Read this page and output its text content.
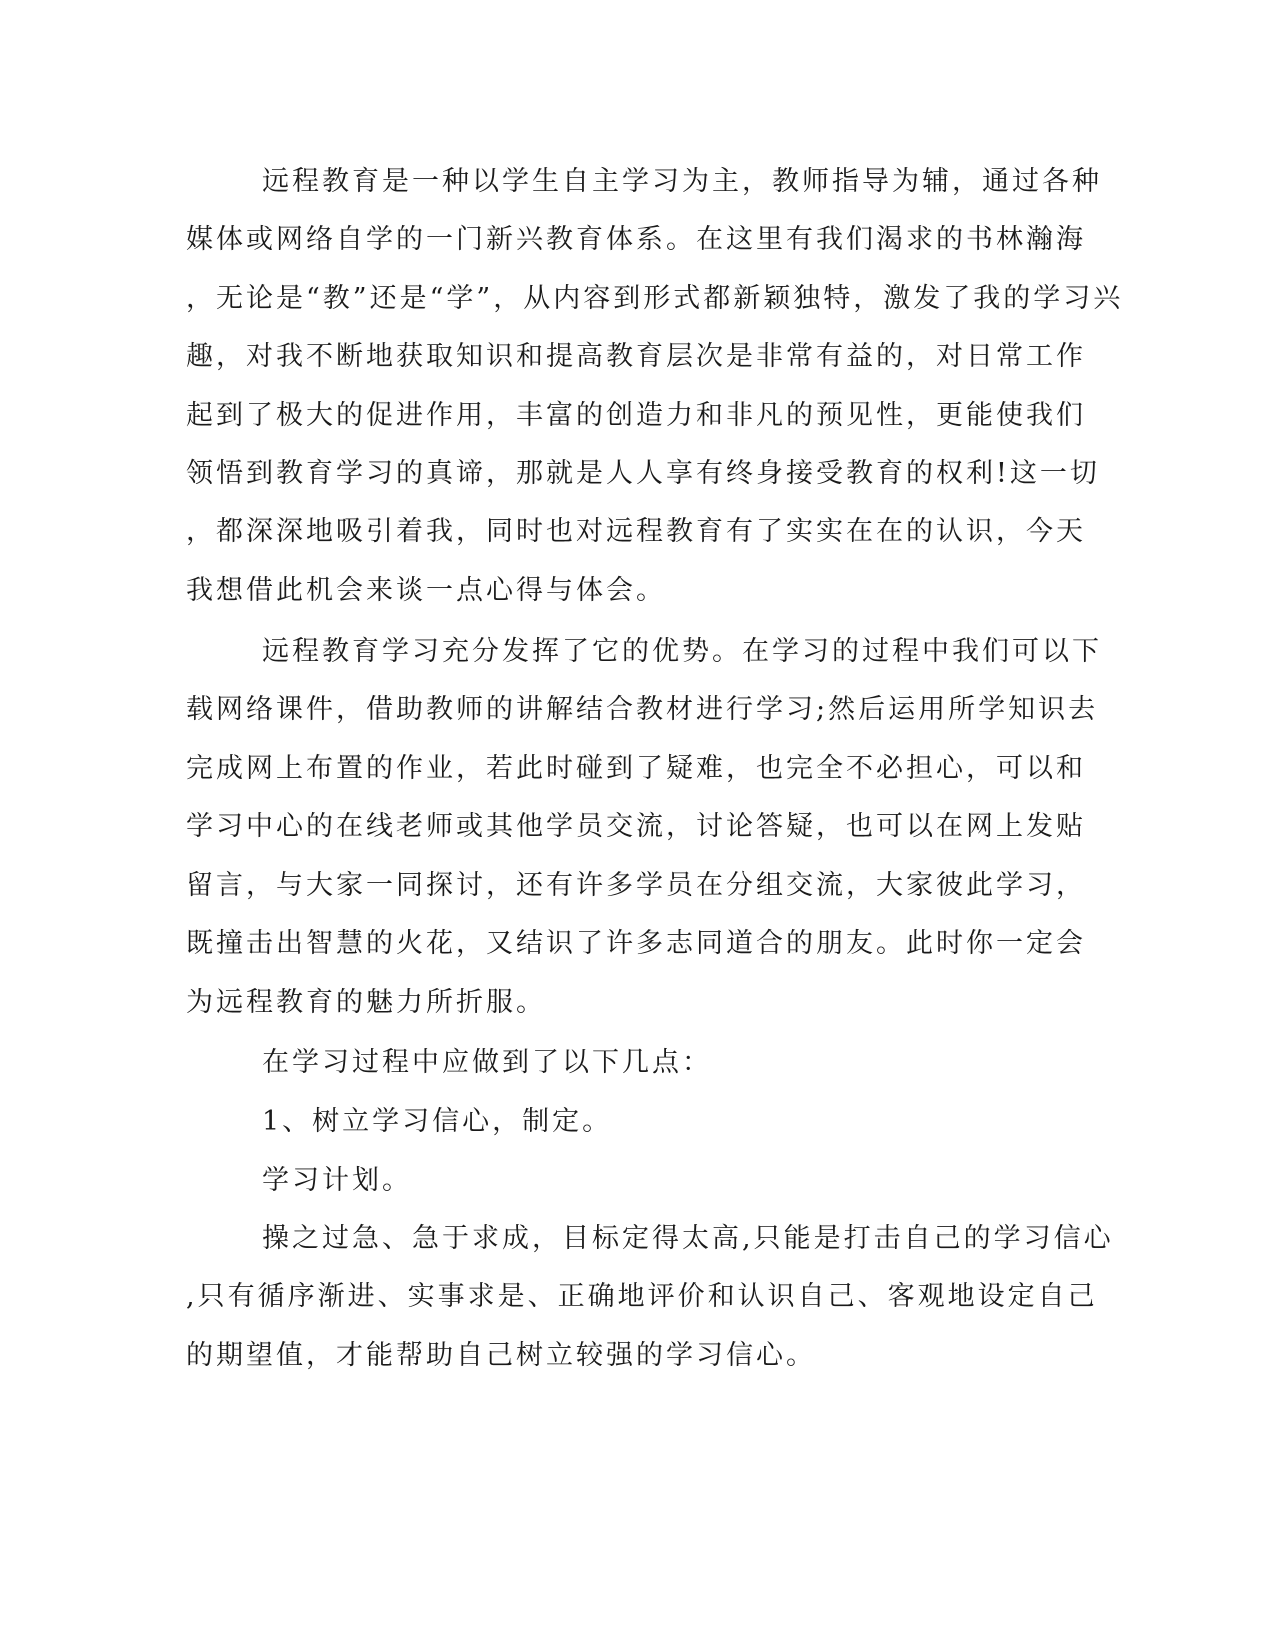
远程教育是一种以学生自主学习为主，教师指导为辅，通过各种
媒体或网络自学的一门新兴教育体系。在这里有我们渴求的书林瀚海
，无论是“教”还是“学”，从内容到形式都新颖独特，激发了我的学习兴
趣，对我不断地获取知识和提高教育层次是非常有益的，对日常工作
起到了极大的促进作用，丰富的创造力和非凡的预见性，更能使我们
领悟到教育学习的真谛，那就是人人享有终身接受教育的权利!这一切
，都深深地吸引着我，同时也对远程教育有了实实在在的认识，今天
我想借此机会来谈一点心得与体会。
远程教育学习充分发挥了它的优势。在学习的过程中我们可以下
载网络课件，借助教师的讲解结合教材进行学习;然后运用所学知识去
完成网上布置的作业，若此时碰到了疑难，也完全不必担心，可以和
学习中心的在线老师或其他学员交流，讨论答疑，也可以在网上发贴
留言，与大家一同探讨，还有许多学员在分组交流，大家彼此学习，
既撞击出智慧的火花，又结识了许多志同道合的朋友。此时你一定会
为远程教育的魅力所折服。
在学习过程中应做到了以下几点：
1、树立学习信心，制定。
学习计划。
操之过急、急于求成，目标定得太高,只能是打击自己的学习信心
,只有循序渐进、实事求是、正确地评价和认识自己、客观地设定自己
的期望值，才能帮助自己树立较强的学习信心。
